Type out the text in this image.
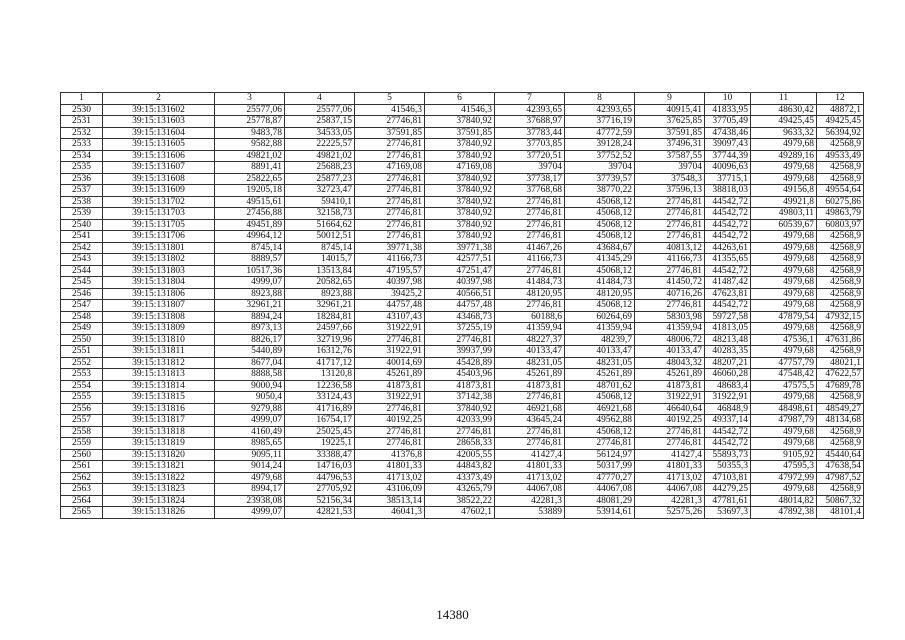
1	2	3	4	5	6	7	8	9	10	11	12
2530	39:15:131602	25577,06	25577,06	41546,3	41546,3	42393,65	42393,65	40915,41	41833,95	48630,42	48872,1
2531	39:15:131603	25778,87	25837,15	27746,81	37840,92	37688,97	37716,19	37625,85	37705,49	49425,45	49425,45
2532	39:15:131604	9483,78	34533,05	37591,85	37591,85	37783,44	47772,59	37591,85	47438,46	9633,32	56394,92
2533	39:15:131605	9582,88	22225,57	27746,81	37840,92	37703,85	39128,24	37496,31	39097,43	4979,68	42568,9
2534	39:15:131606	49821,02	49821,02	27746,81	37840,92	37720,51	37752,52	37587,55	37744,39	49289,16	49533,49
2535	39:15:131607	8891,41	25688,23	47169,08	47169,08	39704	39704	39704	40096,63	4979,68	42568,9
2536	39:15:131608	25822,65	25877,23	27746,81	37840,92	37738,17	37739,57	37548,3	37715,1	4979,68	42568,9
2537	39:15:131609	19205,18	32723,47	27746,81	37840,92	37768,68	38770,22	37596,13	38818,03	49156,8	49554,64
2538	39:15:131702	49515,61	59410,1	27746,81	37840,92	27746,81	45068,12	27746,81	44542,72	49921,8	60275,86
2539	39:15:131703	27456,88	32158,73	27746,81	37840,92	27746,81	45068,12	27746,81	44542,72	49803,11	49863,79
2540	39:15:131705	49451,89	51664,62	27746,81	37840,92	27746,81	45068,12	27746,81	44542,72	60539,67	60803,97
2541	39:15:131706	49964,12	50012,51	27746,81	37840,92	27746,81	45068,12	27746,81	44542,72	4979,68	42568,9
2542	39:15:131801	8745,14	8745,14	39771,38	39771,38	41467,26	43684,67	40813,12	44263,61	4979,68	42568,9
2543	39:15:131802	8889,57	14015,7	41166,73	42577,51	41166,73	41345,29	41166,73	41355,65	4979,68	42568,9
2544	39:15:131803	10517,36	13513,84	47195,57	47251,47	27746,81	45068,12	27746,81	44542,72	4979,68	42568,9
2545	39:15:131804	4999,07	20582,65	40397,98	40397,98	41484,73	41484,73	41450,72	41487,42	4979,68	42568,9
2546	39:15:131806	8923,88	8923,88	39425,2	40566,51	48120,95	48120,95	40716,26	47623,81	4979,68	42568,9
2547	39:15:131807	32961,21	32961,21	44757,48	44757,48	27746,81	45068,12	27746,81	44542,72	4979,68	42568,9
2548	39:15:131808	8894,24	18284,81	43107,43	43468,73	60188,6	60264,69	58303,98	59727,58	47879,54	47932,15
2549	39:15:131809	8973,13	24597,66	31922,91	37255,19	41359,94	41359,94	41359,94	41813,05	4979,68	42568,9
2550	39:15:131810	8826,17	32719,96	27746,81	27746,81	48227,37	48239,7	48006,72	48213,48	47536,1	47631,86
2551	39:15:131811	5440,89	16312,76	31922,91	39937,99	40133,47	40133,47	40133,47	40283,35	4979,68	42568,9
2552	39:15:131812	8677,04	41717,12	40014,69	45428,89	48231,05	48231,05	48043,32	48207,21	47757,79	48021,1
2553	39:15:131813	8888,58	13120,8	45261,89	45403,96	45261,89	45261,89	45261,89	46060,28	47548,42	47622,57
2554	39:15:131814	9000,94	12236,58	41873,81	41873,81	41873,81	48701,62	41873,81	48683,4	47575,5	47689,78
2555	39:15:131815	9050,4	33124,43	31922,91	37142,38	27746,81	45068,12	31922,91	31922,91	4979,68	42568,9
2556	39:15:131816	9279,88	41716,89	27746,81	37840,92	46921,68	46921,68	46640,64	46848,9	48498,61	48549,27
2557	39:15:131817	4999,07	16754,17	40192,25	42033,99	43645,24	49562,88	40192,25	49337,14	47987,79	48134,68
2558	39:15:131818	4160,49	25025,45	27746,81	27746,81	27746,81	45068,12	27746,81	44542,72	4979,68	42568,9
2559	39:15:131819	8985,65	19225,1	27746,81	28658,33	27746,81	27746,81	27746,81	44542,72	4979,68	42568,9
2560	39:15:131820	9095,11	33388,47	41376,8	42005,55	41427,4	56124,97	41427,4	55893,73	9105,92	45440,64
2561	39:15:131821	9014,24	14716,03	41801,33	44843,82	41801,33	50317,99	41801,33	50355,3	47595,3	47638,54
2562	39:15:131822	4979,68	44796,53	41713,02	43373,49	41713,02	47770,27	41713,02	47103,81	47972,99	47987,52
2563	39:15:131823	8994,17	27705,92	43106,09	43265,79	44067,08	44067,08	44067,08	44279,25	4979,68	42568,9
2564	39:15:131824	23938,08	52156,34	38513,14	38522,22	42281,3	48081,29	42281,3	47781,61	48014,82	50867,32
2565	39:15:131826	4999,07	42821,53	46041,3	47602,1	53889	53914,61	52575,26	53697,3	47892,38	48101,4
14380
